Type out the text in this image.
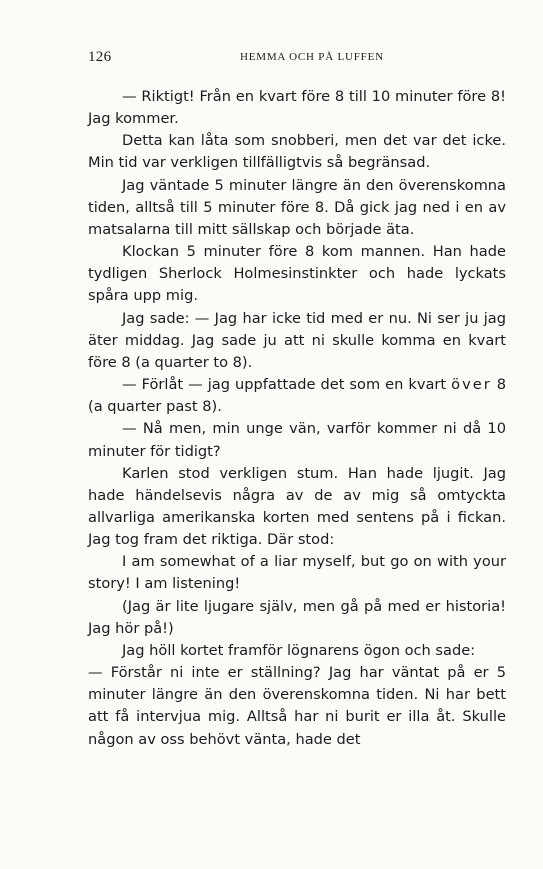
126	HEMMA OCH PÅ LUFFEN

— Riktigt! Från en kvart före 8 till 10 minuter före 8! Jag kommer.

Detta kan låta som snobberi, men det var det icke. Min tid var verkligen tillfälligtvis så begränsad.

Jag väntade 5 minuter längre än den överenskomna tiden, alltså till 5 minuter före 8. Då gick jag ned i en av matsalarna till mitt sällskap och började äta.

Klockan 5 minuter före 8 kom mannen. Han hade tydligen Sherlock Holmesinstinkter och hade lyckats spåra upp mig.

Jag sade: — Jag har icke tid med er nu. Ni ser ju jag äter middag. Jag sade ju att ni skulle komma en kvart före 8 (a quarter to 8).

— Förlåt — jag uppfattade det som en kvart över 8 (a quarter past 8).

— Nå men, min unge vän, varför kommer ni då 10 minuter för tidigt?

Karlen stod verkligen stum. Han hade ljugit. Jag hade händelsevis några av de av mig så omtyckta allvarliga amerikanska korten med sentens på i fickan. Jag tog fram det riktiga. Där stod:

I am somewhat of a liar myself, but go on with your story! I am listening!

(Jag är lite ljugare själv, men gå på med er historia! Jag hör på!)

Jag höll kortet framför lögnarens ögon och sade:

— Förstår ni inte er ställning? Jag har väntat på er 5 minuter längre än den överenskomna tiden. Ni har bett att få intervjua mig. Alltså har ni burit er illa åt. Skulle någon av oss behövt vänta, hade det
